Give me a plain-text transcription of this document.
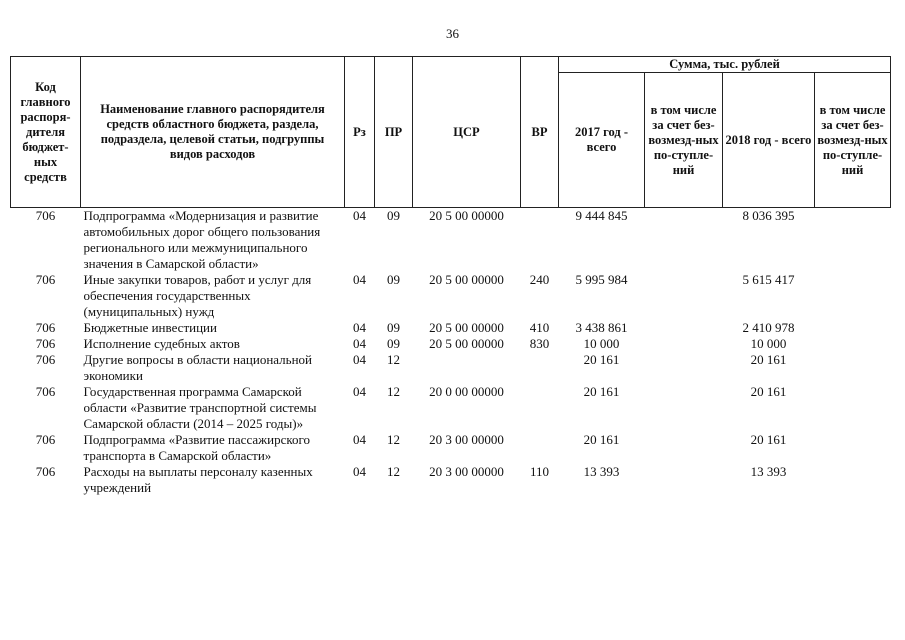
36
Код главного распоря-дителя бюджет-ных средств	Наименование главного распорядителя средств областного бюджета, раздела, подраздела, целевой статьи, подгруппы видов расходов	Рз	ПР	ЦСР	ВР	Сумма, тыс. рублей			
						2017 год - всего	в том числе за счет без-возмезд-ных по-ступле-ний	2018 год - всего	в том числе за счет без-возмезд-ных по-ступле-ний
706	Подпрограмма «Модернизация и развитие автомобильных дорог общего пользования регионального или межмуниципального значения в Самарской области»	04	09	20 5 00 00000		9 444 845		8 036 395	
706	Иные закупки товаров, работ и услуг для обеспечения государственных (муниципальных) нужд	04	09	20 5 00 00000	240	5 995 984		5 615 417	
706	Бюджетные инвестиции	04	09	20 5 00 00000	410	3 438 861		2 410 978	
706	Исполнение судебных актов	04	09	20 5 00 00000	830	10 000		10 000	
706	Другие вопросы в области национальной экономики	04	12			20 161		20 161	
706	Государственная программа Самарской области «Развитие транспортной системы Самарской области (2014 – 2025 годы)»	04	12	20 0 00 00000		20 161		20 161	
706	Подпрограмма «Развитие пассажирского транспорта в Самарской области»	04	12	20 3 00 00000		20 161		20 161	
706	Расходы на выплаты персоналу казенных учреждений	04	12	20 3 00 00000	110	13 393		13 393	
